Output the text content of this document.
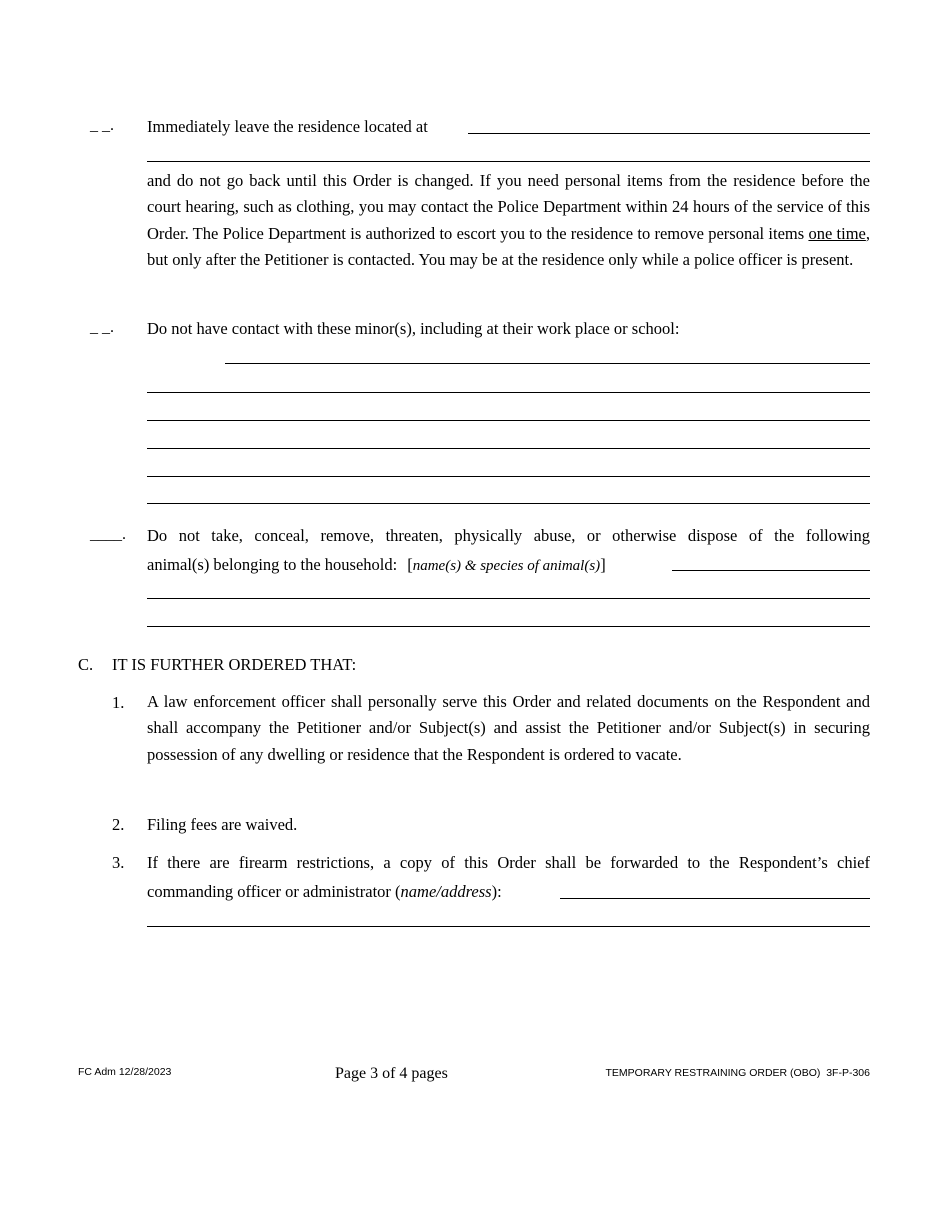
_ _. Immediately leave the residence located at
and do not go back until this Order is changed. If you need personal items from the residence before the court hearing, such as clothing, you may contact the Police Department within 24 hours of the service of this Order. The Police Department is authorized to escort you to the residence to remove personal items one time, but only after the Petitioner is contacted. You may be at the residence only while a police officer is present.
_ _. Do not have contact with these minor(s), including at their work place or school:
____. Do not take, conceal, remove, threaten, physically abuse, or otherwise dispose of the following
animal(s) belonging to the household: [ name(s) & species of animal(s) ]
C. IT IS FURTHER ORDERED THAT:
1. A law enforcement officer shall personally serve this Order and related documents on the Respondent and shall accompany the Petitioner and/or Subject(s) and assist the Petitioner and/or Subject(s) in securing possession of any dwelling or residence that the Respondent is ordered to vacate.
2. Filing fees are waived.
3. If there are firearm restrictions, a copy of this Order shall be forwarded to the Respondent’s chief
commanding officer or administrator ( name/address ):
FC Adm 12/28/2023	Page 3 of 4 pages	TEMPORARY RESTRAINING ORDER (OBO)  3F-P-306
